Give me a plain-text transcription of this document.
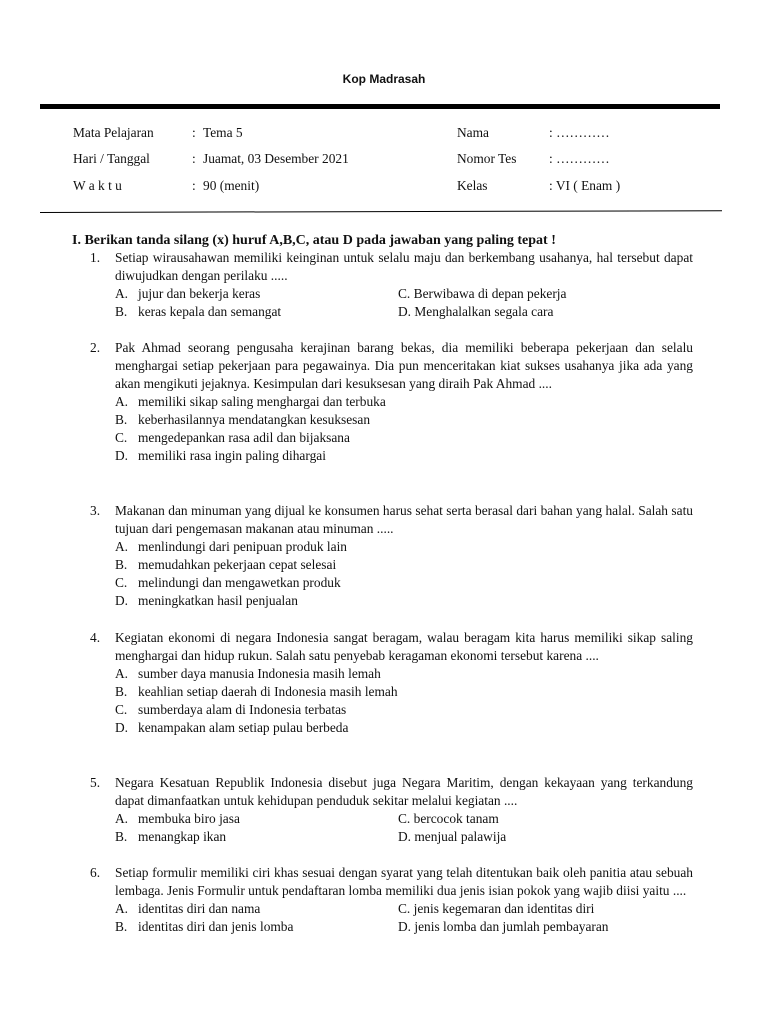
Kop Madrasah
Mata Pelajaran	: Tema 5
Hari / Tanggal	: Juamat, 03 Desember 2021
W a k t u	: 90 (menit)
Nama	: …………
Nomor Tes : …………
Kelas	: VI ( Enam )
I. Berikan tanda silang (x) huruf A,B,C, atau D pada jawaban yang paling tepat !
1. Setiap wirausahawan memiliki keinginan untuk selalu maju dan berkembang usahanya, hal tersebut dapat diwujudkan dengan perilaku .....
A. jujur dan bekerja keras	C. Berwibawa di depan pekerja
B. keras kepala dan semangat	D. Menghalalkan segala cara
2. Pak Ahmad seorang pengusaha kerajinan barang bekas, dia memiliki beberapa pekerjaan dan selalu menghargai setiap pekerjaan para pegawainya. Dia pun menceritakan kiat sukses usahanya jika ada yang akan mengikuti jejaknya. Kesimpulan dari kesuksesan yang diraih Pak Ahmad ....
A. memiliki sikap saling menghargai dan terbuka
B. keberhasilannya mendatangkan kesuksesan
C. mengedepankan rasa adil dan bijaksana
D. memiliki rasa ingin paling dihargai
3. Makanan dan minuman yang dijual ke konsumen harus sehat serta berasal dari bahan yang halal. Salah satu tujuan dari pengemasan makanan atau minuman .....
A. menlindungi dari penipuan produk lain
B. memudahkan pekerjaan cepat selesai
C. melindungi dan mengawetkan produk
D. meningkatkan hasil penjualan
4. Kegiatan ekonomi di negara Indonesia sangat beragam, walau beragam kita harus memiliki sikap saling menghargai dan hidup rukun. Salah satu penyebab keragaman ekonomi tersebut karena ....
A. sumber daya manusia Indonesia masih lemah
B. keahlian setiap daerah di Indonesia masih lemah
C. sumberdaya alam di Indonesia terbatas
D. kenampakan alam setiap pulau berbeda
5. Negara Kesatuan Republik Indonesia disebut juga Negara Maritim, dengan kekayaan yang terkandung dapat dimanfaatkan untuk kehidupan penduduk sekitar melalui kegiatan ....
A. membuka biro jasa	C. bercocok tanam
B. menangkap ikan	D. menjual palawija
6. Setiap formulir memiliki ciri khas sesuai dengan syarat yang telah ditentukan baik oleh panitia atau sebuah lembaga. Jenis Formulir untuk pendaftaran lomba memiliki dua jenis isian pokok yang wajib diisi yaitu ....
A. identitas diri dan nama	C. jenis kegemaran dan identitas diri
B. identitas diri dan jenis lomba	D. jenis lomba dan jumlah pembayaran
